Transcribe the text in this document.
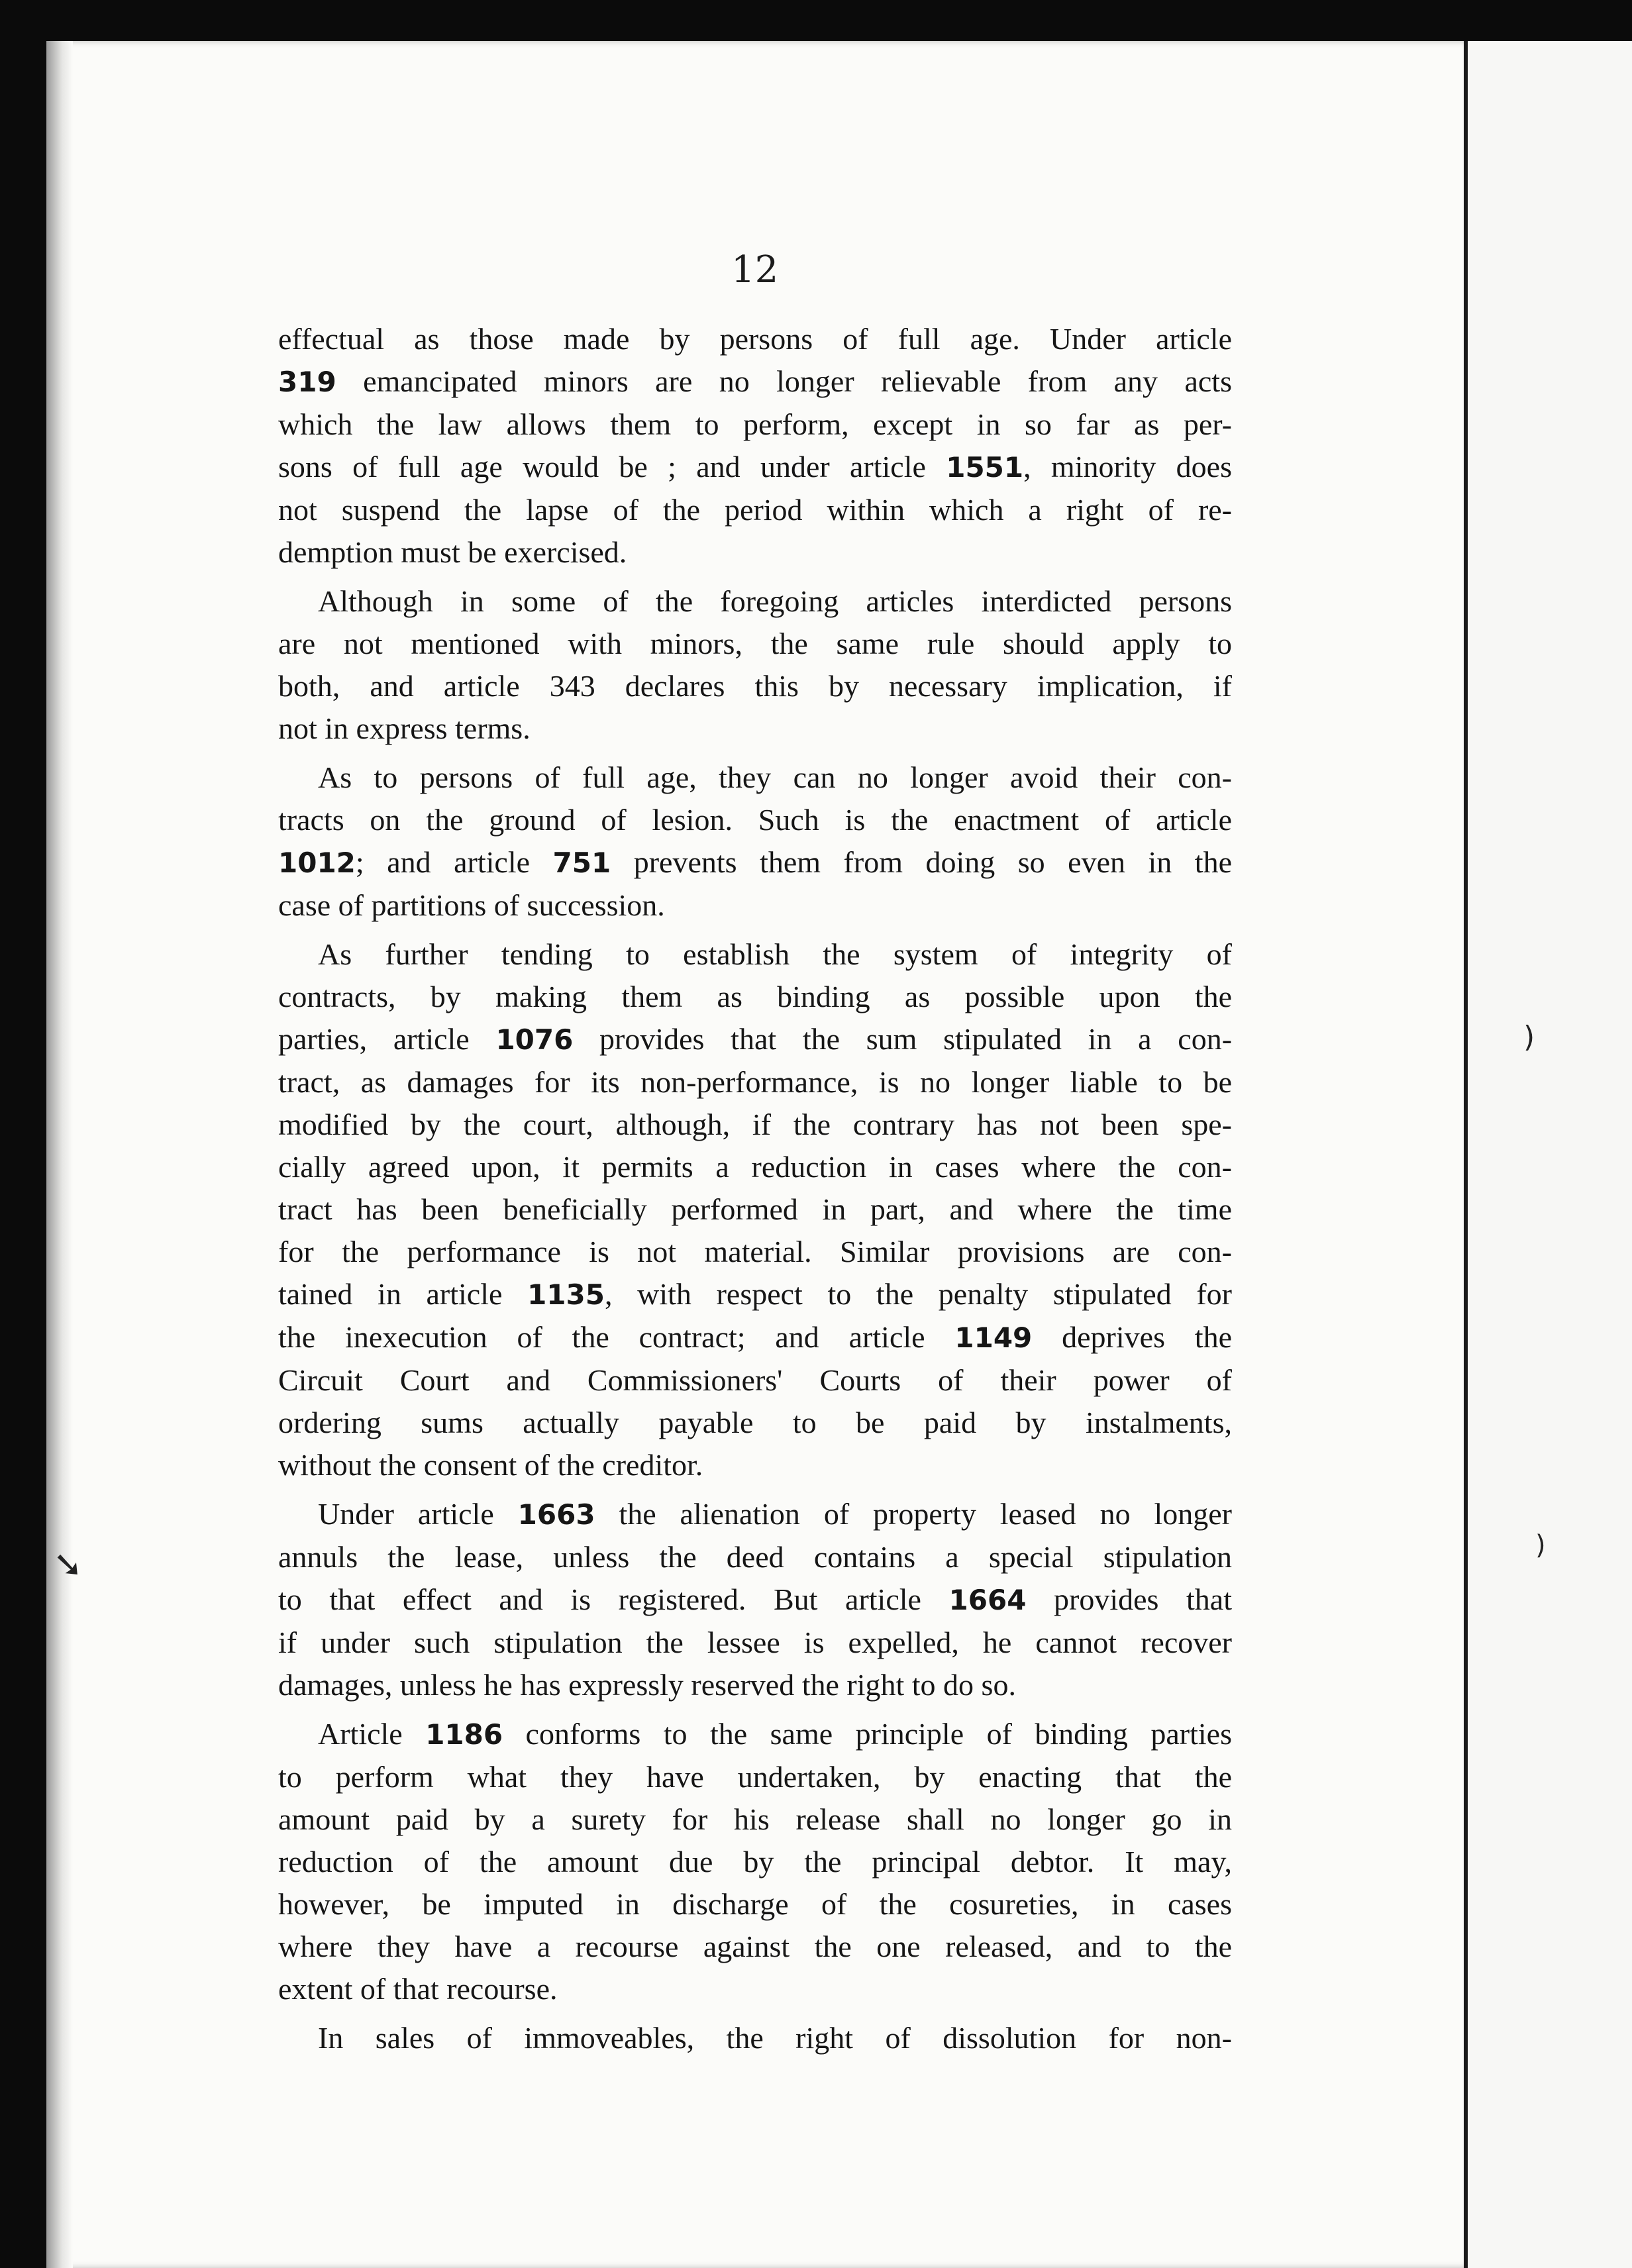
12
effectual as those made by persons of full age. Under article
319 emancipated minors are no longer relievable from any acts
which the law allows them to perform, except in so far as per-
sons of full age would be ; and under article 1551, minority does
not suspend the lapse of the period within which a right of re-
demption must be exercised.
Although in some of the foregoing articles interdicted persons
are not mentioned with minors, the same rule should apply to
both, and article 343 declares this by necessary implication, if
not in express terms.
As to persons of full age, they can no longer avoid their con-
tracts on the ground of lesion. Such is the enactment of article
1012; and article 751 prevents them from doing so even in the
case of partitions of succession.
As further tending to establish the system of integrity of
contracts, by making them as binding as possible upon the
parties, article 1076 provides that the sum stipulated in a con-
tract, as damages for its non-performance, is no longer liable to be
modified by the court, although, if the contrary has not been spe-
cially agreed upon, it permits a reduction in cases where the con-
tract has been beneficially performed in part, and where the time
for the performance is not material. Similar provisions are con-
tained in article 1135, with respect to the penalty stipulated for
the inexecution of the contract; and article 1149 deprives the
Circuit Court and Commissioners' Courts of their power of
ordering sums actually payable to be paid by instalments,
without the consent of the creditor.
Under article 1663 the alienation of property leased no longer
annuls the lease, unless the deed contains a special stipulation
to that effect and is registered. But article 1664 provides that
if under such stipulation the lessee is expelled, he cannot recover
damages, unless he has expressly reserved the right to do so.
Article 1186 conforms to the same principle of binding parties
to perform what they have undertaken, by enacting that the
amount paid by a surety for his release shall no longer go in
reduction of the amount due by the principal debtor. It may,
however, be imputed in discharge of the cosureties, in cases
where they have a recourse against the one released, and to the
extent of that recourse.
In sales of immoveables, the right of dissolution for non-
➘
)
)
